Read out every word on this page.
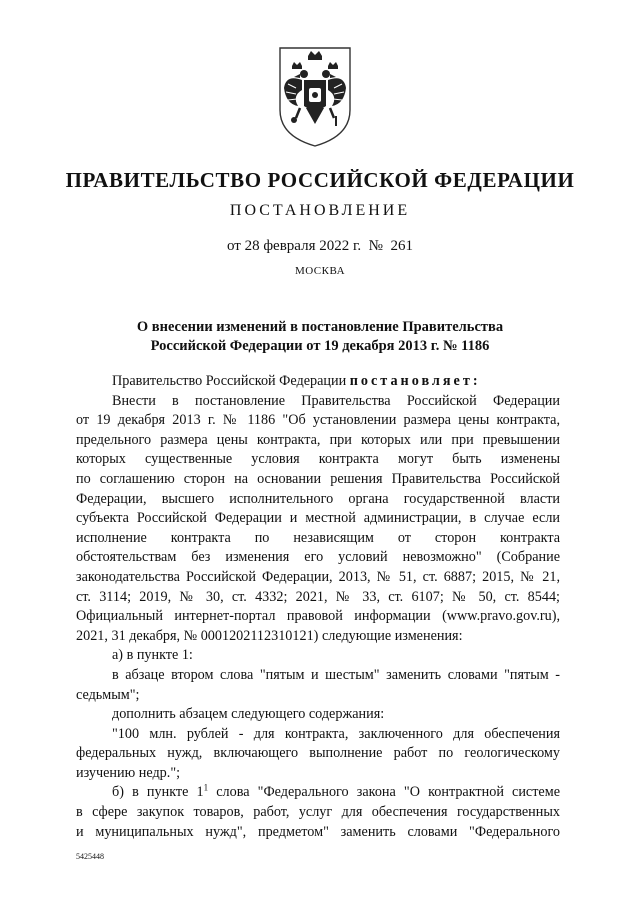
ПРАВИТЕЛЬСТВО РОССИЙСКОЙ ФЕДЕРАЦИИ
ПОСТАНОВЛЕНИЕ
от 28 февраля 2022 г.  №  261
МОСКВА
О внесении изменений в постановление Правительства
Российской Федерации от 19 декабря 2013 г. № 1186
Правительство Российской Федерации постановляет:
Внести в постановление Правительства Российской Федерации
от 19 декабря 2013 г. № 1186 "Об установлении размера цены контракта,
предельного размера цены контракта, при которых или при превышении
которых существенные условия контракта могут быть изменены
по соглашению сторон на основании решения Правительства Российской
Федерации, высшего исполнительного органа государственной власти
субъекта Российской Федерации и местной администрации, в случае если
исполнение контракта по независящим от сторон контракта
обстоятельствам без изменения его условий невозможно" (Собрание
законодательства Российской Федерации, 2013, № 51, ст. 6887; 2015, № 21,
ст. 3114; 2019, № 30, ст. 4332; 2021, № 33, ст. 6107; № 50, ст. 8544;
Официальный интернет-портал правовой информации (www.pravo.gov.ru),
2021, 31 декабря, № 0001202112310121) следующие изменения:
а) в пункте 1:
в абзаце втором слова "пятым и шестым" заменить словами "пятым -
седьмым";
дополнить абзацем следующего содержания:
"100 млн. рублей - для контракта, заключенного для обеспечения
федеральных нужд, включающего выполнение работ по геологическому
изучению недр.";
б) в пункте $1^1$ слова "Федерального закона "О контрактной системе
в сфере закупок товаров, работ, услуг для обеспечения государственных
и муниципальных нужд", предметом" заменить словами "Федерального
5425448
